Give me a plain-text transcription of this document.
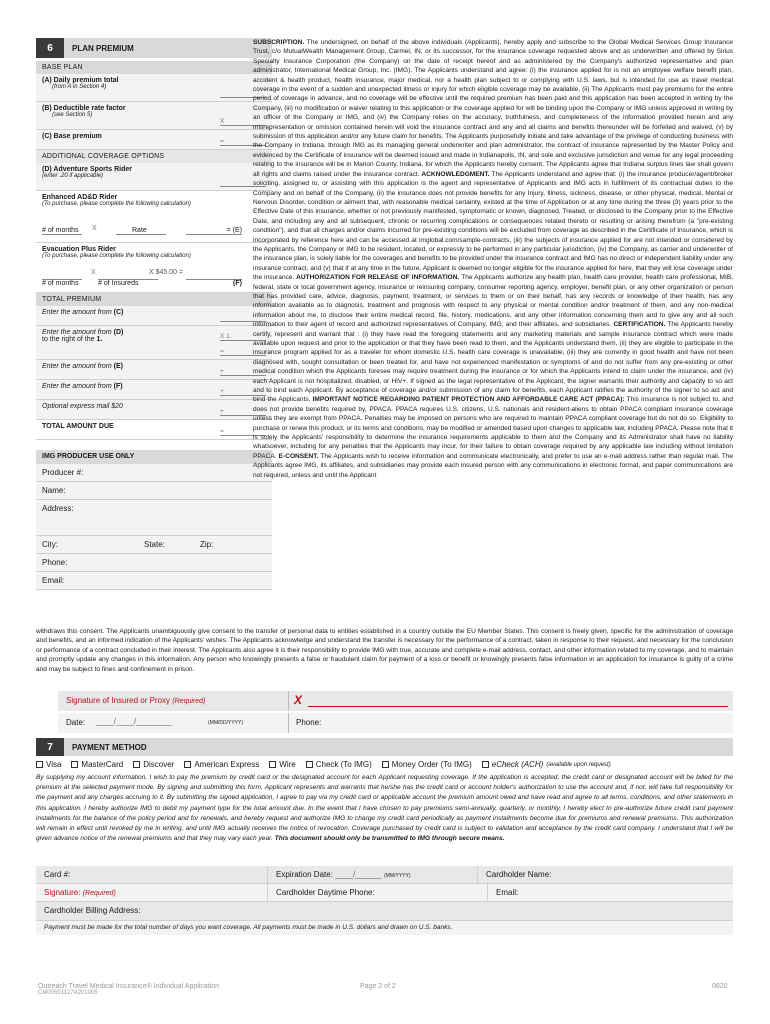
6	PLAN PREMIUM
BASE PLAN
(A) Daily premium total
(from A in Section 4)

(B) Deductible rate factor
(see Section 5)
X
(C) Base premium
=
ADDITIONAL COVERAGE OPTIONS
(D) Adventure Sports Rider
(enter .20 if applicable)

Enhanced AD&D Rider
(To purchase, please complete the following calculation)
# of months	X	Rate	= (E)
Evacuation Plus Rider
(To purchase, please complete the following calculation)
X	X $45.00 =
# of months	# of Insureds	(F)
TOTAL PREMIUM
Enter the amount from (C)

Enter the amount from (D)
to the right of the 1.	X 1.
=
Enter the amount from (E)
+
Enter the amount from (F)
+
Optional express mail $20
+
TOTAL AMOUNT DUE
=
IMG PRODUCER USE ONLY
Producer #:
Name:
Address:
City:	State:	Zip:
Phone:
Email:
SUBSCRIPTION. The undersigned, on behalf of the above individuals (Applicants), hereby apply and subscribe to the Global Medical Services Group Insurance Trust, c/o MutualWealth Management Group, Carmel, IN, or its successor, for the insurance coverage requested above and as underwritten and offered by Sirius Specialty Insurance Corporation (the Company) on the date of receipt hereof and as administered by the Company's authorized representative and plan administrator, International Medical Group, Inc. (IMG). The Applicants understand and agree: (i) the insurance applied for is not an employee welfare benefit plan, accident & health product, health insurance, major medical, nor a health plan subject to or complying with U.S. laws, but is intended for use as travel medical coverage in the event of a sudden and unexpected illness or injury for which eligible coverage may be available, (ii) The Applicants must pay premiums for the entire period of coverage in advance, and no coverage will be effective until the required premium has been paid and this application has been accepted in writing by the Company, (iii) no modification or waiver relating to this application or the coverage applied for will be binding upon the Company or IMG unless approved in writing by an officer of the Company or IMG, and (iv) the Company relies on the accuracy, truthfulness, and completeness of the information provided herein and any misrepresentation or omission contained herein will void the insurance contract and any and all claims and benefits thereunder will be forfeited and waived, (v) by submission of this application and/or any future claim for benefits. The Applicants purposefully initiate and take advantage of the privilege of conducting business with the Company in Indiana, through IMG as its managing general underwriter and plan administrator, the contract of insurance represented by the Master Policy and evidenced by the Certificate of insurance will be deemed issued and made in Indianapolis, IN, and sole and exclusive jurisdiction and venue for any legal proceeding relating to the insurance will be in Marion County, Indiana, for which the Applicants hereby consent. The Applicants agree that Indiana surplus lines law shall govern all rights and claims raised under the insurance contract. ACKNOWLEDGMENT. The Applicants understand and agree that: (i) the insurance producer/agent/broker soliciting, assigned to, or assisting with this application is the agent and representative of Applicants and IMG acts in fulfillment of its contractual duties to the Company and on behalf of the Company, (ii) the insurance does not provide benefits for any Injury, Illness, sickness, disease, or other physical, medical, Mental or Nervous Disorder, condition or ailment that, with reasonable medical certainty, existed at the time of Application or at any time during the three (3) years prior to the Effective Date of this insurance, whether or not previously manifested, symptomatic or known, diagnosed, Treated, or disclosed to the Company prior to the Effective Date, and including any and all subsequent, chronic or recurring complications or consequences related thereto or resulting or arising therefrom (a "pre-existing condition"), and that all charges and/or claims incurred for pre-existing conditions will be excluded from coverage as described in the Certificate of Insurance, which is incorporated by reference here and can be accessed at imglobal.com/sample-contracts, (iii) the subjects of insurance applied for are not intended or considered by the Applicants, the Company or IMG to be resident, located, or expressly to be performed in any particular jurisdiction, (iv) the Company, as carrier and underwriter of the insurance plan, is solely liable for the coverages and benefits to be provided under the insurance contract and IMG has no direct or independent liability under any insurance contract, and (v) that if at any time in the future, Applicant is deemed no longer eligible for the insurance applied for here, that they will lose coverage under the insurance. AUTHORIZATION FOR RELEASE OF INFORMATION. The Applicants authorize any health plan, health care provider, health care professional, MIB, federal, state or local government agency, insurance or reinsuring company, consumer reporting agency, employer, benefit plan, or any other organization or person that has provided care, advice, diagnosis, payment, treatment, or services to them or on their behalf, has any records or knowledge of their health, has any information available as to diagnosis, treatment and prognosis with respect to any physical or mental condition and/or treatment of them, and any non-medical information about me, to disclose their entire medical record, file, history, medications, and any other information concerning them and to give any and all such information to their agent of record and authorized representatives of Company, IMG, and their affiliates, and subsidiaries. CERTIFICATION. The Applicants hereby certify, represent and warrant that : (i) they have read the foregoing statements and any marketing materials and sample insurance contract which were made available upon request and prior to the application or that they have been read to them, and the Applicants understand them, (ii) they are eligible to participate in the insurance program applied for as a traveler for whom domestic U.S. health care coverage is unavailable, (iii) they are currently in good health and have not been diagnosed with, sought consultation or been treated for, and have not experienced manifestation or symptoms of and do not suffer from any pre-existing or other medical condition which the Applicants foresee may require treatment during the insurance or for which the Applicants intend to claim under the insurance, and (iv) each Applicant is not hospitalized, disabled, or HIV+. If signed as the legal representative of the Applicant, the signer warrants their authority and capacity to so act and to bind each Applicant. By acceptance of coverage and/or submission of any claim for benefits, each Applicant ratifies the authority of the signer to so act and bind the Applicants. IMPORTANT NOTICE REGARDING PATIENT PROTECTION AND AFFORDABLE CARE ACT (PPACA): This insurance is not subject to, and does not provide benefits required by, PPACA. PPACA requires U.S. citizens, U.S. nationals and resident-aliens to obtain PPACA compliant insurance coverage unless they are exempt from PPACA. Penalties may be imposed on persons who are required to maintain PPACA compliant coverage but do not do so. Eligibility to purchase or renew this product, or its terms and conditions, may be modified or amended based upon changes to applicable law, including PPACA. Please note that it is solely the Applicants' responsibility to determine the insurance requirements applicable to them and the Company and its Administrator shall have no liability whatsoever, including for any penalties that the Applicants may incur, for their failure to obtain coverage required by any applicable law including without limitation PPACA. E-CONSENT. The Applicants wish to receive information and communicate electronically, and prefer to use an e-mail address rather than regular mail. The Applicants agree IMG, its affiliates, and subsidiaries may provide each insured person with any communications in electronic format, and paper communications are not required, unless and until the Applicant
withdraws this consent. The Applicants unambiguously give consent to the transfer of personal data to entities established in a country outside the EU Member States. This consent is freely given, specific for the administration of coverage and benefits, and an informed indication of the Applicants' wishes. The Applicants acknowledge and understand the transfer is necessary for the performance of a contract, taken in response to their request, and necessary for the conclusion or performance of a contract concluded in their interest. The Applicants also agree it is their responsibility to provide IMG with true, accurate and complete e-mail address, contact, and other information related to my coverage, and to maintain and promptly update any changes in this information. Any person who knowingly presents a false or fraudulent claim for payment of a loss or benefit or knowingly presents false information in an application for insurance is guilty of a crime and may be subject to fines and confinement in prison.
Signature of Insured or Proxy (Required)	X
Date: ____/____/________	(MM/DD/YYYY)	Phone:
7	PAYMENT METHOD
Visa	MasterCard	Discover	American Express	Wire	Check (To IMG)	Money Order (To IMG)	eCheck (ACH) (available upon request)
By supplying my account information, I wish to pay the premium by credit card or the designated account for each Applicant requesting coverage. If the application is accepted, the credit card or designated account will be billed for the premium at the selected payment mode. By signing and submitting this form, Applicant represents and warrants that he/she has the credit card or account holder's authorization to use the account and, if not, will take full responsibility for the payment and any charges accruing to it. By submitting the signed application, I agree to pay via my credit card or applicable account the premium amount owed and have read and agree to all terms, conditions, and other statements in this application. I hereby authorize IMG to debit my payment type for the total amount due. In the event that I have chosen to pay premiums semi-annually, quarterly, or monthly, I hereby elect to pre-authorize future credit card payment installments for the balance of the policy period and for renewals, and hereby request and authorize IMG to charge my credit card periodically as payment installments become due for premiums and renewal premiums. This authorization will remain in effect until revoked by me in writing, and until IMG actually receives the notice of revocation. Coverage purchased by credit card is subject to validation and acceptance by the credit card company. I understand that I will be given advance notice of the renewal premiums and that they may vary each year. This document should only be transmitted to IMG through secure means.
Card #:	Expiration Date: ____/______ (MM/YYYY)	Cardholder Name:
Signature: (Required)	Cardholder Daytime Phone:	Email:
Cardholder Billing Address:
Payment must be made for the total number of days you want coverage. All payments must be made in U.S. dollars and drawn on U.S. banks.
Outreach Travel Medical Insurance® Individual Application
CM00501127A201005
Page 2 of 2	0820
